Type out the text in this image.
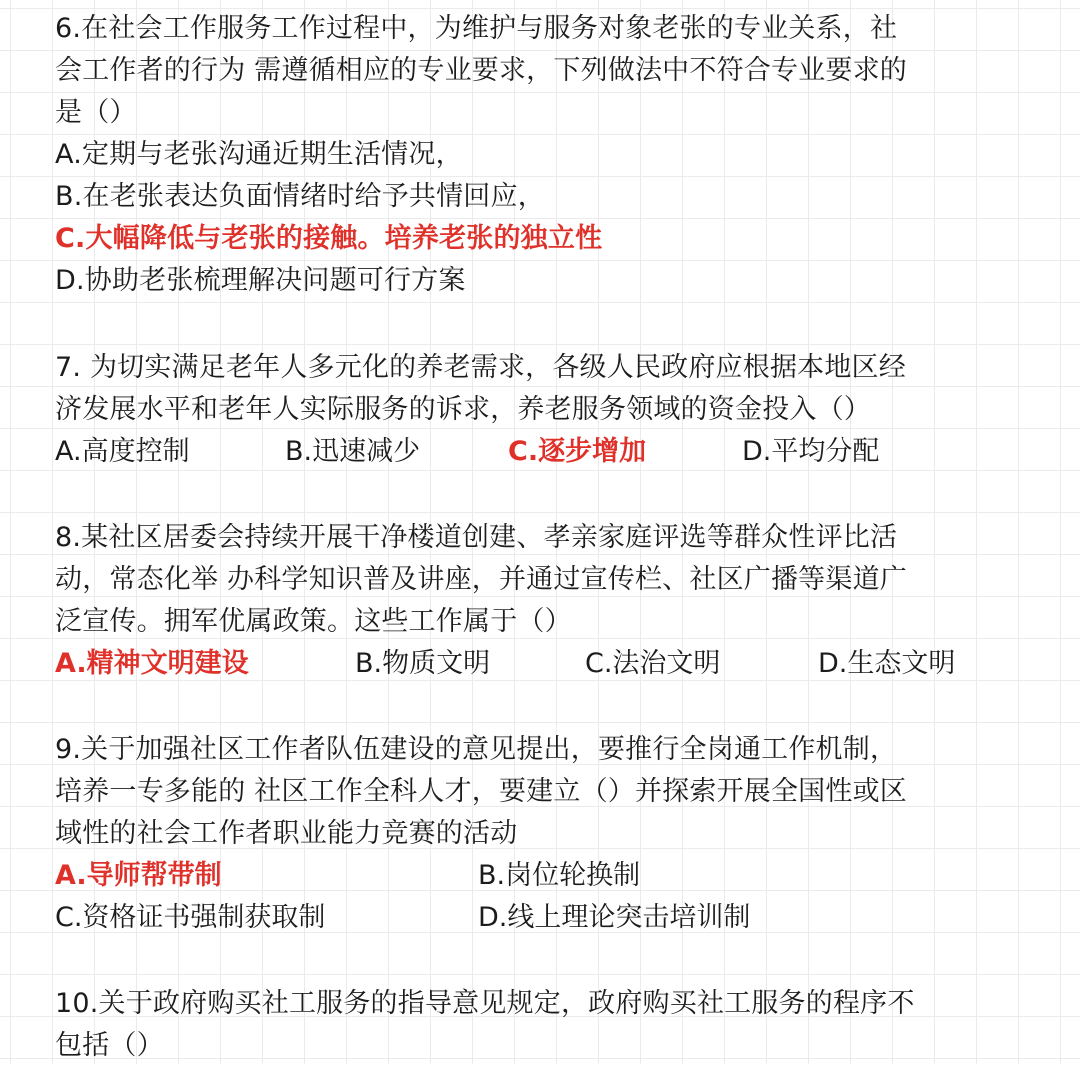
6.在社会工作服务工作过程中，为维护与服务对象老张的专业关系，社
会工作者的行为 需遵循相应的专业要求，下列做法中不符合专业要求的
是（）
A.定期与老张沟通近期生活情况，
B.在老张表达负面情绪时给予共情回应，
C.大幅降低与老张的接触。培养老张的独立性
D.协助老张梳理解决问题可行方案
7. 为切实满足老年人多元化的养老需求，各级人民政府应根据本地区经
济发展水平和老年人实际服务的诉求，养老服务领域的资金投入（）
A.高度控制	B.迅速减少	C.逐步增加	D.平均分配
8.某社区居委会持续开展干净楼道创建、孝亲家庭评选等群众性评比活
动，常态化举 办科学知识普及讲座，并通过宣传栏、社区广播等渠道广
泛宣传。拥军优属政策。这些工作属于（）
A.精神文明建设	B.物质文明	C.法治文明	D.生态文明
9.关于加强社区工作者队伍建设的意见提出，要推行全岗通工作机制，
培养一专多能的 社区工作全科人才，要建立（）并探索开展全国性或区
域性的社会工作者职业能力竞赛的活动
A.导师帮带制	B.岗位轮换制
C.资格证书强制获取制	D.线上理论突击培训制
10.关于政府购买社工服务的指导意见规定，政府购买社工服务的程序不
包括（）
